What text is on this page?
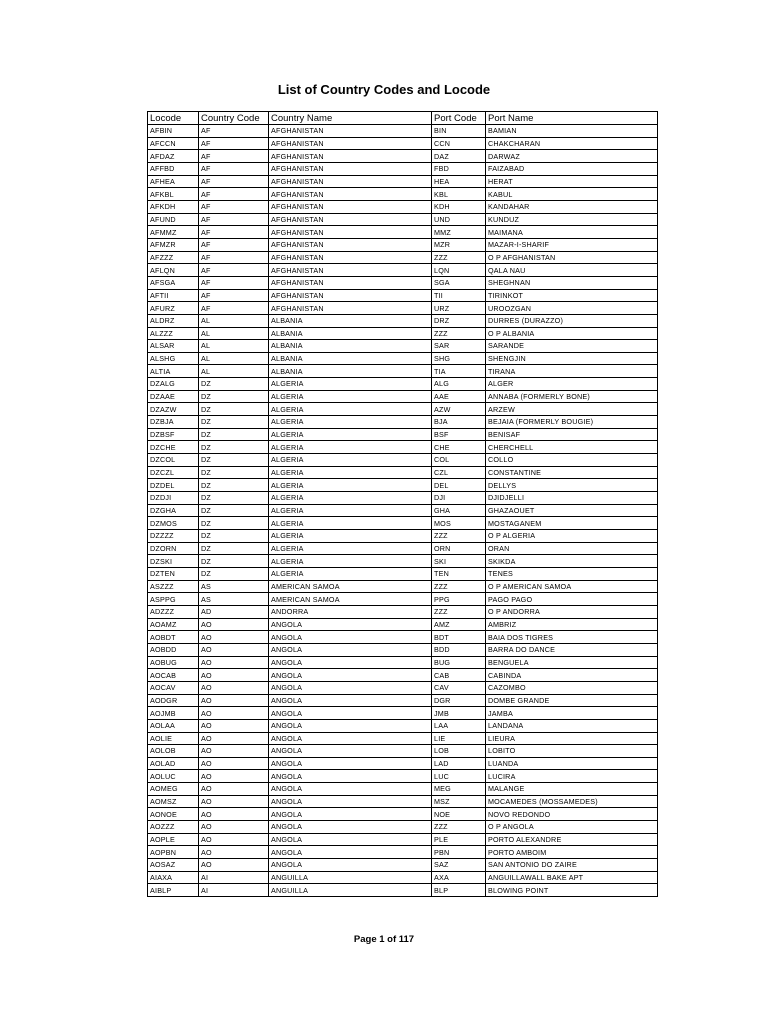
List of Country Codes and Locode
Locode	Country Code	Country Name	Port Code	Port Name
AFBIN	AF	AFGHANISTAN	BIN	BAMIAN
AFCCN	AF	AFGHANISTAN	CCN	CHAKCHARAN
AFDAZ	AF	AFGHANISTAN	DAZ	DARWAZ
AFFBD	AF	AFGHANISTAN	FBD	FAIZABAD
AFHEA	AF	AFGHANISTAN	HEA	HERAT
AFKBL	AF	AFGHANISTAN	KBL	KABUL
AFKDH	AF	AFGHANISTAN	KDH	KANDAHAR
AFUND	AF	AFGHANISTAN	UND	KUNDUZ
AFMMZ	AF	AFGHANISTAN	MMZ	MAIMANA
AFMZR	AF	AFGHANISTAN	MZR	MAZAR-I-SHARIF
AFZZZ	AF	AFGHANISTAN	ZZZ	O P AFGHANISTAN
AFLQN	AF	AFGHANISTAN	LQN	QALA NAU
AFSGA	AF	AFGHANISTAN	SGA	SHEGHNAN
AFTII	AF	AFGHANISTAN	TII	TIRINKOT
AFURZ	AF	AFGHANISTAN	URZ	UROOZGAN
ALDRZ	AL	ALBANIA	DRZ	DURRES (DURAZZO)
ALZZZ	AL	ALBANIA	ZZZ	O P ALBANIA
ALSAR	AL	ALBANIA	SAR	SARANDE
ALSHG	AL	ALBANIA	SHG	SHENGJIN
ALTIA	AL	ALBANIA	TIA	TIRANA
DZALG	DZ	ALGERIA	ALG	ALGER
DZAAE	DZ	ALGERIA	AAE	ANNABA (FORMERLY BONE)
DZAZW	DZ	ALGERIA	AZW	ARZEW
DZBJA	DZ	ALGERIA	BJA	BEJAIA (FORMERLY BOUGIE)
DZBSF	DZ	ALGERIA	BSF	BENISAF
DZCHE	DZ	ALGERIA	CHE	CHERCHELL
DZCOL	DZ	ALGERIA	COL	COLLO
DZCZL	DZ	ALGERIA	CZL	CONSTANTINE
DZDEL	DZ	ALGERIA	DEL	DELLYS
DZDJI	DZ	ALGERIA	DJI	DJIDJELLI
DZGHA	DZ	ALGERIA	GHA	GHAZAOUET
DZMOS	DZ	ALGERIA	MOS	MOSTAGANEM
DZZZZ	DZ	ALGERIA	ZZZ	O P ALGERIA
DZORN	DZ	ALGERIA	ORN	ORAN
DZSKI	DZ	ALGERIA	SKI	SKIKDA
DZTEN	DZ	ALGERIA	TEN	TENES
ASZZZ	AS	AMERICAN SAMOA	ZZZ	O P AMERICAN SAMOA
ASPPG	AS	AMERICAN SAMOA	PPG	PAGO PAGO
ADZZZ	AD	ANDORRA	ZZZ	O P ANDORRA
AOAMZ	AO	ANGOLA	AMZ	AMBRIZ
AOBDT	AO	ANGOLA	BDT	BAIA DOS TIGRES
AOBDD	AO	ANGOLA	BDD	BARRA DO DANCE
AOBUG	AO	ANGOLA	BUG	BENGUELA
AOCAB	AO	ANGOLA	CAB	CABINDA
AOCAV	AO	ANGOLA	CAV	CAZOMBO
AODGR	AO	ANGOLA	DGR	DOMBE GRANDE
AOJMB	AO	ANGOLA	JMB	JAMBA
AOLAA	AO	ANGOLA	LAA	LANDANA
AOLIE	AO	ANGOLA	LIE	LIEURA
AOLOB	AO	ANGOLA	LOB	LOBITO
AOLAD	AO	ANGOLA	LAD	LUANDA
AOLUC	AO	ANGOLA	LUC	LUCIRA
AOMEG	AO	ANGOLA	MEG	MALANGE
AOMSZ	AO	ANGOLA	MSZ	MOCAMEDES (MOSSAMEDES)
AONOE	AO	ANGOLA	NOE	NOVO REDONDO
AOZZZ	AO	ANGOLA	ZZZ	O P ANGOLA
AOPLE	AO	ANGOLA	PLE	PORTO ALEXANDRE
AOPBN	AO	ANGOLA	PBN	PORTO AMBOIM
AOSAZ	AO	ANGOLA	SAZ	SAN ANTONIO DO ZAIRE
AIAXA	AI	ANGUILLA	AXA	ANGUILLAWALL BAKE APT
AIBLP	AI	ANGUILLA	BLP	BLOWING POINT
Page 1 of 117
